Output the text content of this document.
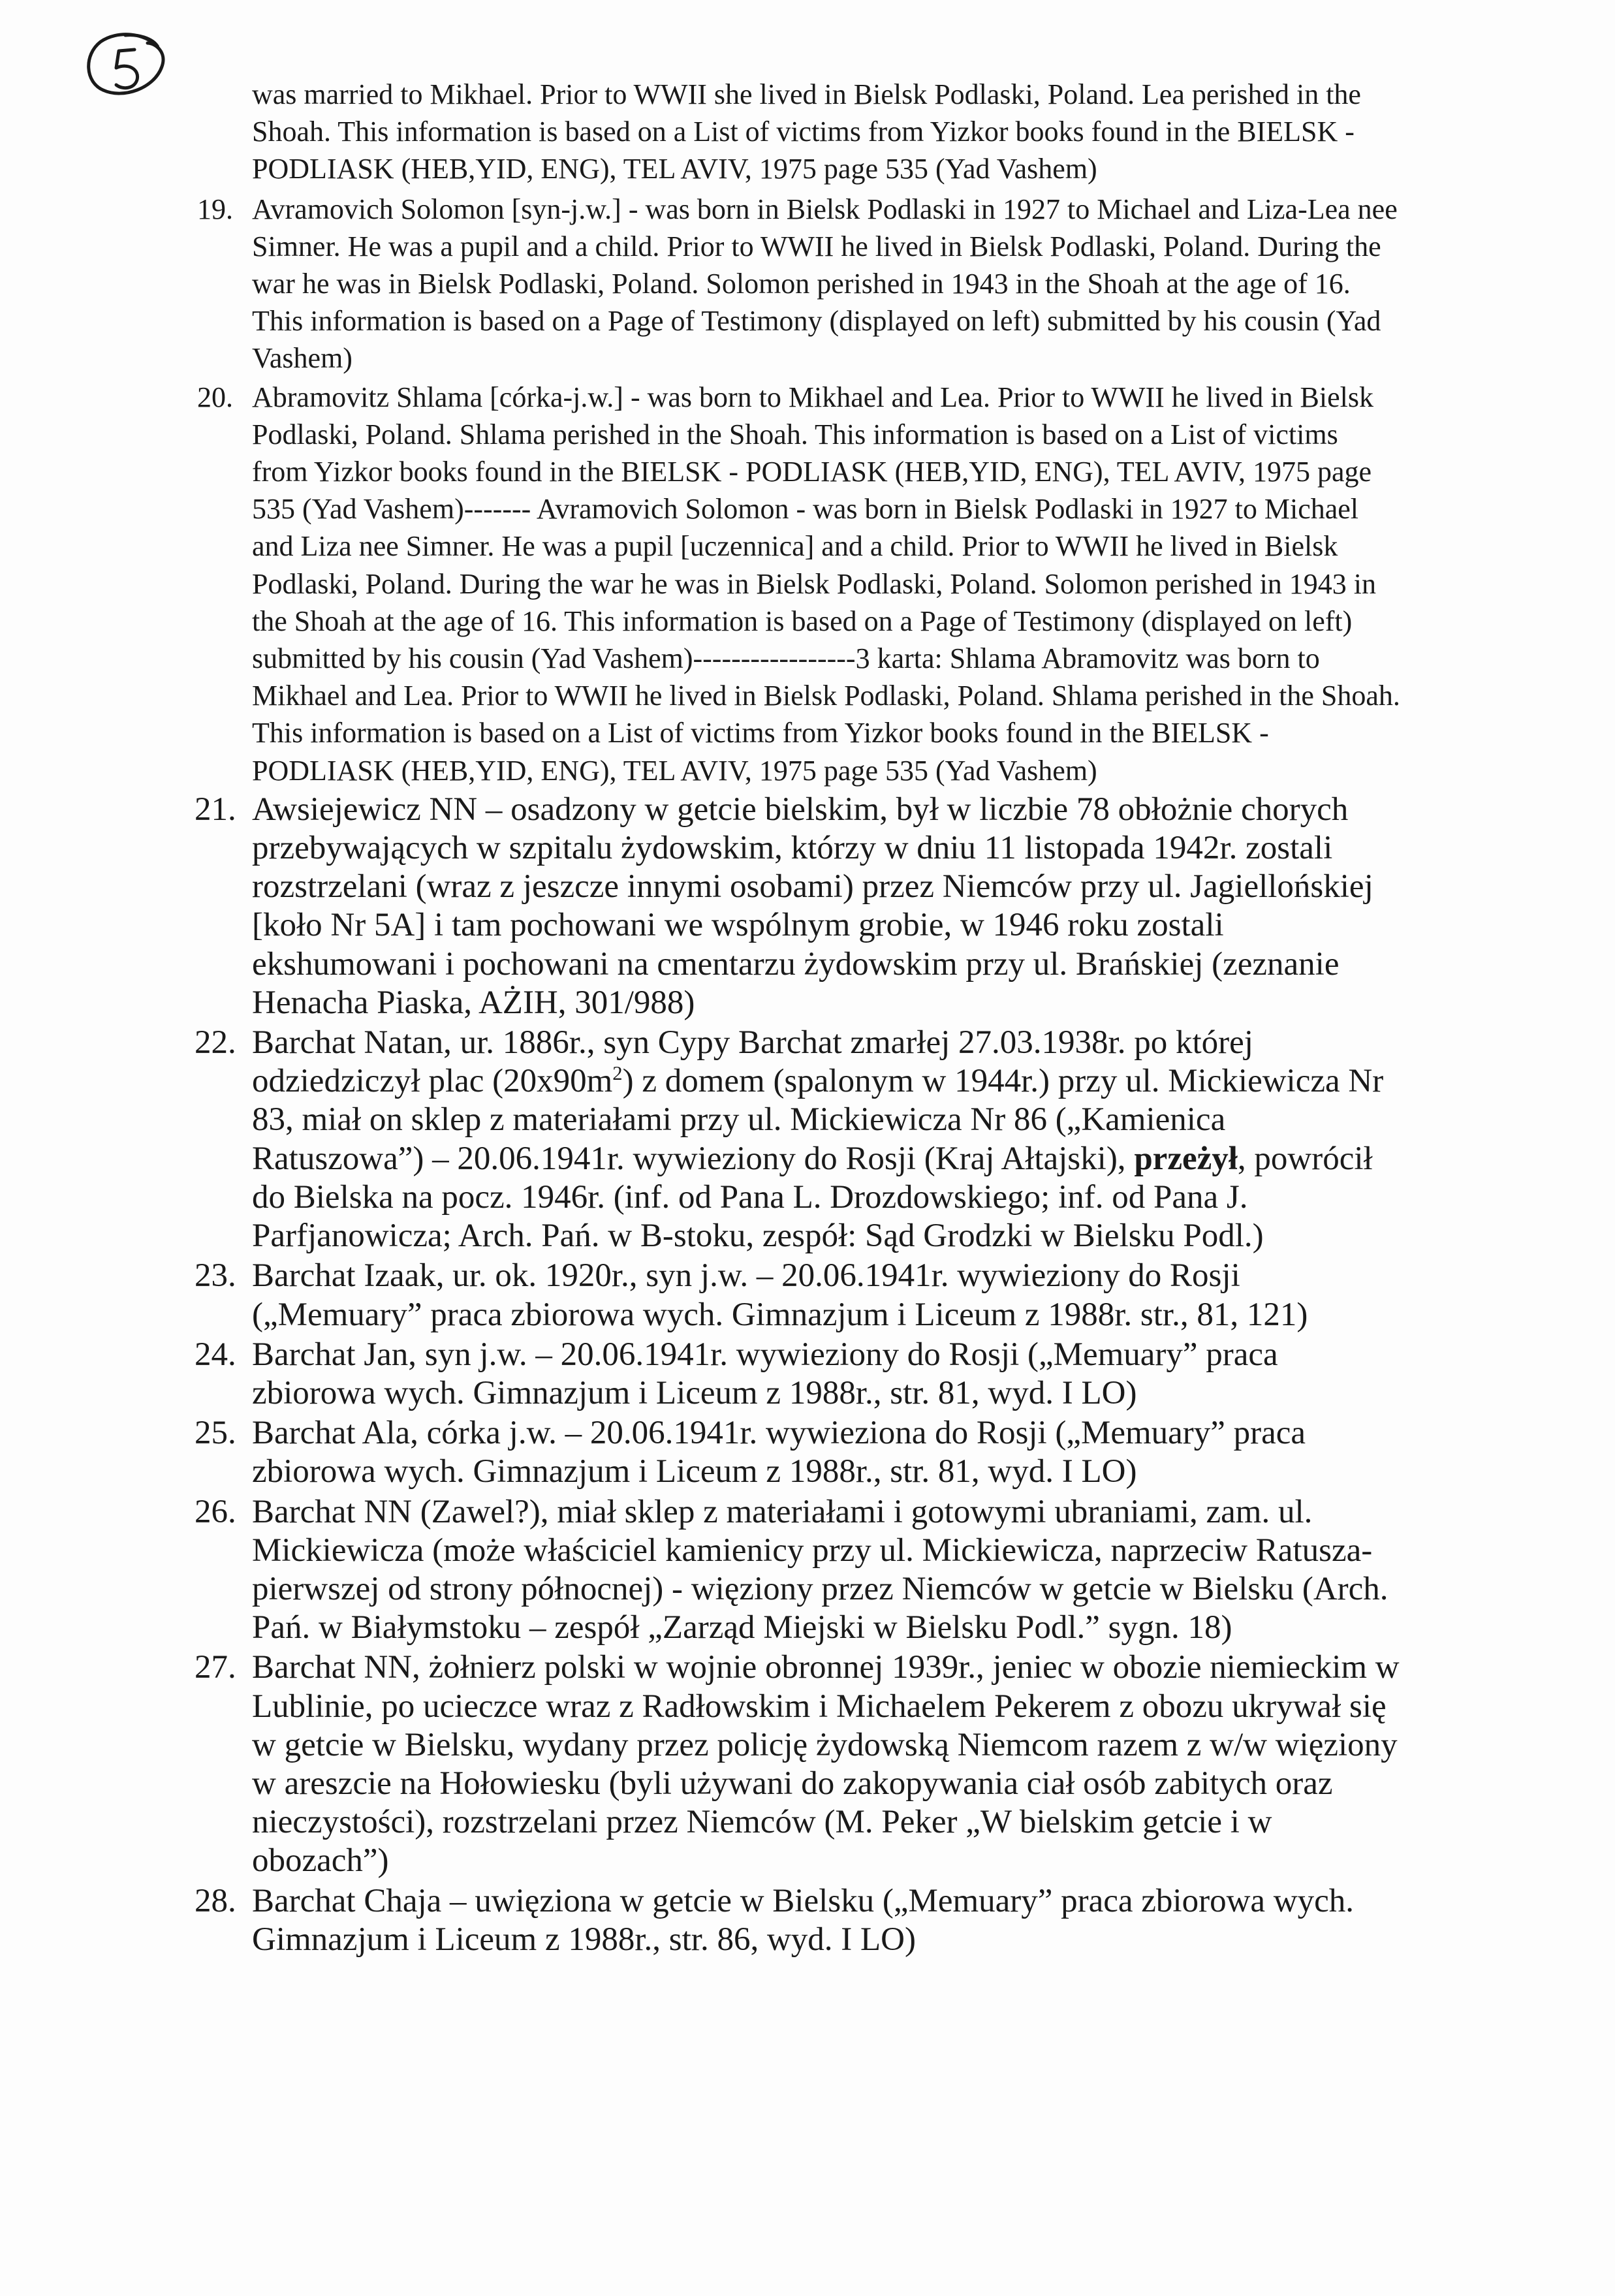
was married to Mikhael. Prior to WWII she lived in Bielsk Podlaski, Poland. Lea perished in the Shoah. This information is based on a List of victims from Yizkor books found in the BIELSK - PODLIASK (HEB,YID, ENG), TEL AVIV, 1975 page 535 (Yad Vashem)

19. Avramovich Solomon [syn-j.w.] - was born in Bielsk Podlaski in 1927 to Michael and Liza-Lea nee Simner. He was a pupil and a child. Prior to WWII he lived in Bielsk Podlaski, Poland. During the war he was in Bielsk Podlaski, Poland. Solomon perished in 1943 in the Shoah at the age of 16. This information is based on a Page of Testimony (displayed on left) submitted by his cousin (Yad Vashem)
20. Abramovitz Shlama [córka-j.w.] - was born to Mikhael and Lea. Prior to WWII he lived in Bielsk Podlaski, Poland. Shlama perished in the Shoah. This information is based on a List of victims from Yizkor books found in the BIELSK - PODLIASK (HEB,YID, ENG), TEL AVIV, 1975 page 535 (Yad Vashem)------- Avramovich Solomon - was born in Bielsk Podlaski in 1927 to Michael and Liza nee Simner. He was a pupil [uczennica] and a child. Prior to WWII he lived in Bielsk Podlaski, Poland. During the war he was in Bielsk Podlaski, Poland. Solomon perished in 1943 in the Shoah at the age of 16. This information is based on a Page of Testimony (displayed on left) submitted by his cousin (Yad Vashem)-----------------3 karta: Shlama Abramovitz was born to Mikhael and Lea. Prior to WWII he lived in Bielsk Podlaski, Poland. Shlama perished in the Shoah. This information is based on a List of victims from Yizkor books found in the BIELSK - PODLIASK (HEB,YID, ENG), TEL AVIV, 1975 page 535 (Yad Vashem)
21. Awsiejewicz NN – osadzony w getcie bielskim, był w liczbie 78 obłożnie chorych przebywających w szpitalu żydowskim, którzy w dniu 11 listopada 1942r. zostali rozstrzelani (wraz z jeszcze innymi osobami) przez Niemców przy ul. Jagiellońskiej [koło Nr 5A] i tam pochowani we wspólnym grobie, w 1946 roku zostali ekshumowani i pochowani na cmentarzu żydowskim przy ul. Brańskiej (zeznanie Henacha Piaska, AŻIH, 301/988)
22. Barchat Natan, ur. 1886r., syn Cypy Barchat zmarłej 27.03.1938r. po której odziedziczył plac $(20x90m^2)$ z domem (spalonym w 1944r.) przy ul. Mickiewicza Nr 83, miał on sklep z materiałami przy ul. Mickiewicza Nr 86 („Kamienica Ratuszowa”) – 20.06.1941r. wywieziony do Rosji (Kraj Ałtajski), przeżył, powrócił do Bielska na pocz. 1946r. (inf. od Pana L. Drozdowskiego; inf. od Pana J. Parfjanowicza; Arch. Pań. w B-stoku, zespół: Sąd Grodzki w Bielsku Podl.)
23. Barchat Izaak, ur. ok. 1920r., syn j.w. – 20.06.1941r. wywieziony do Rosji („Memuary” praca zbiorowa wych. Gimnazjum i Liceum z 1988r. str., 81, 121)
24. Barchat Jan, syn j.w. – 20.06.1941r. wywieziony do Rosji („Memuary” praca zbiorowa wych. Gimnazjum i Liceum z 1988r., str. 81, wyd. I LO)
25. Barchat Ala, córka j.w. – 20.06.1941r. wywieziona do Rosji („Memuary” praca zbiorowa wych. Gimnazjum i Liceum z 1988r., str. 81, wyd. I LO)
26. Barchat NN (Zawel?), miał sklep z materiałami i gotowymi ubraniami, zam. ul. Mickiewicza (może właściciel kamienicy przy ul. Mickiewicza, naprzeciw Ratusza-pierwszej od strony północnej) - więziony przez Niemców w getcie w Bielsku (Arch. Pań. w Białymstoku – zespół „Zarząd Miejski w Bielsku Podl.” sygn. 18)
27. Barchat NN, żołnierz polski w wojnie obronnej 1939r., jeniec w obozie niemieckim w Lublinie, po ucieczce wraz z Radłowskim i Michaelem Pekerem z obozu ukrywał się w getcie w Bielsku, wydany przez policję żydowską Niemcom razem z w/w więziony w areszcie na Hołowiesku (byli używani do zakopywania ciał osób zabitych oraz nieczystości), rozstrzelani przez Niemców (M. Peker „W bielskim getcie i w obozach”)
28. Barchat Chaja – uwięziona w getcie w Bielsku („Memuary” praca zbiorowa wych. Gimnazjum i Liceum z 1988r., str. 86, wyd. I LO)
